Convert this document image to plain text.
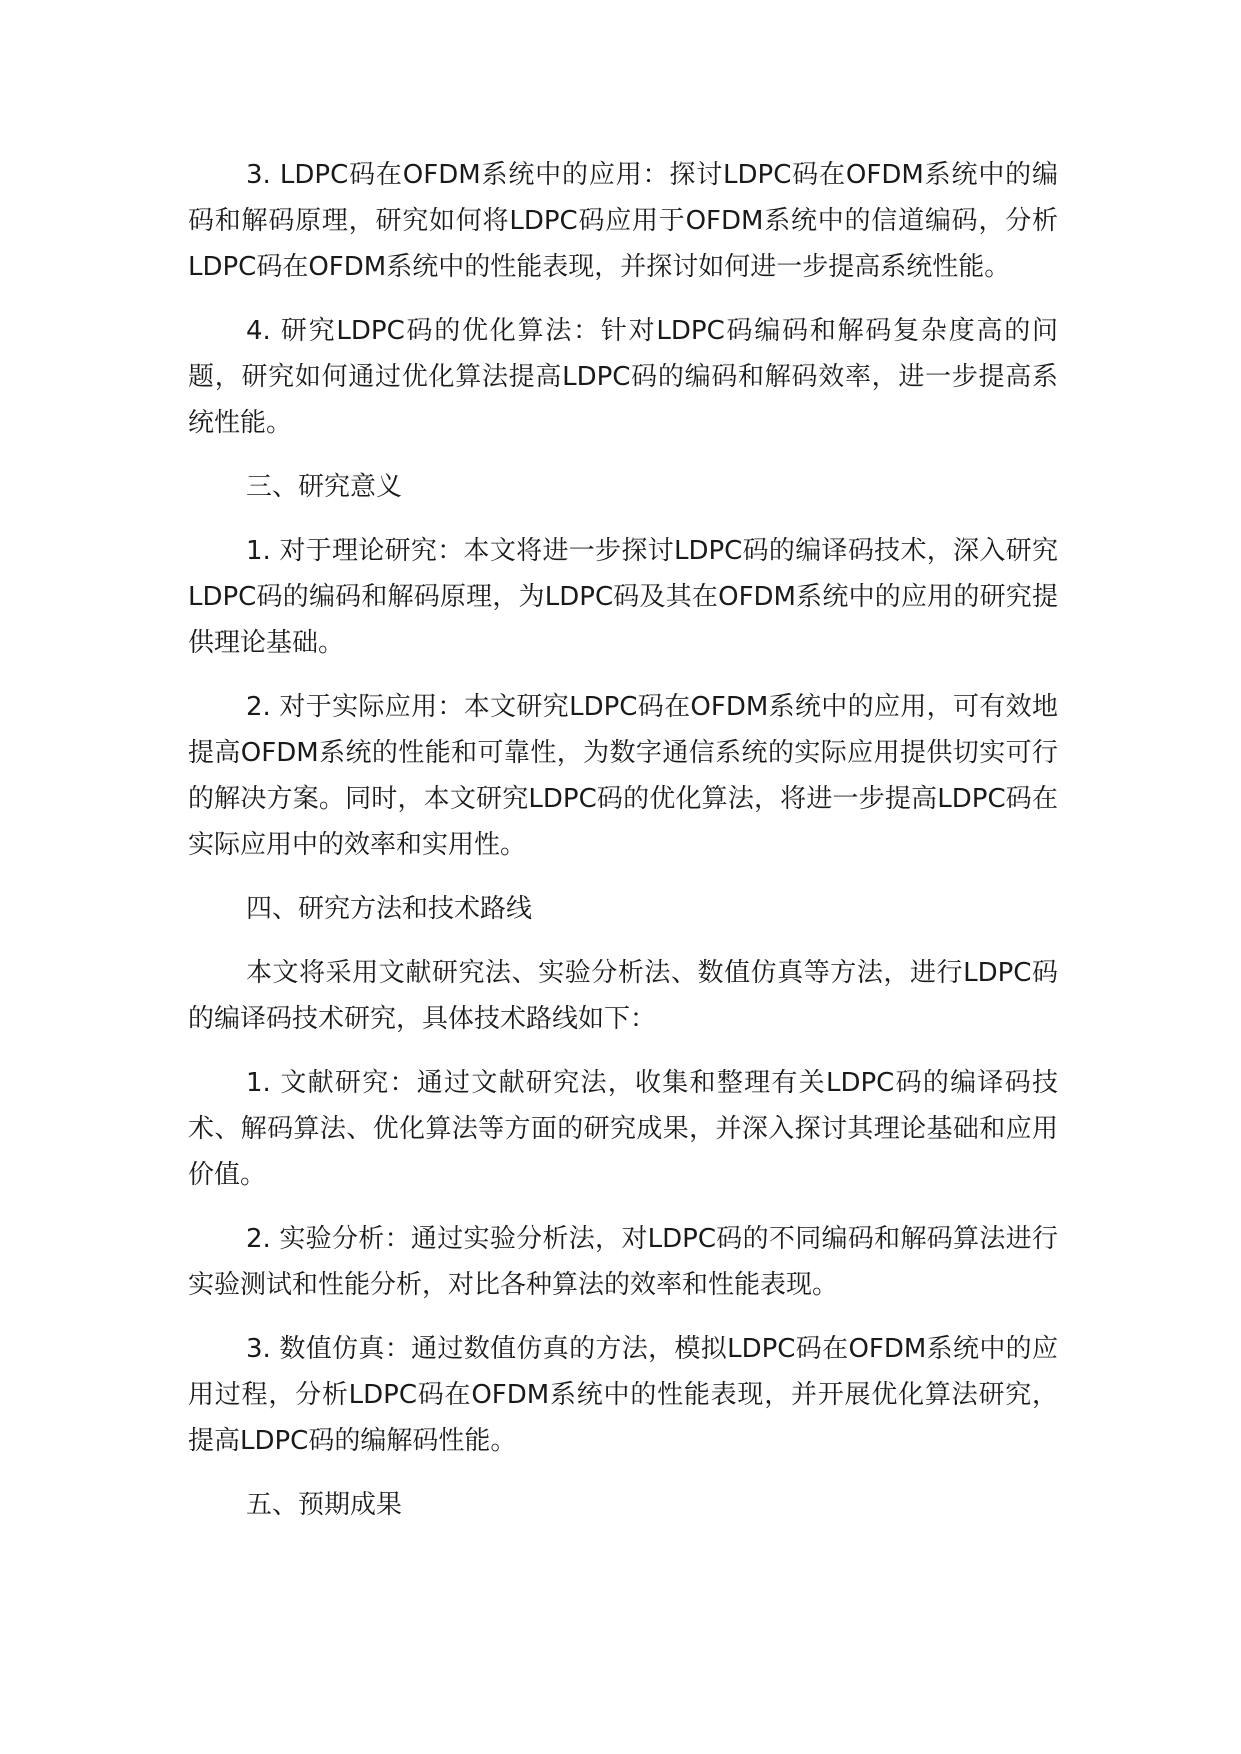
3. LDPC码在OFDM系统中的应用：探讨LDPC码在OFDM系统中的编码和解码原理，研究如何将LDPC码应用于OFDM系统中的信道编码，分析LDPC码在OFDM系统中的性能表现，并探讨如何进一步提高系统性能。

4. 研究LDPC码的优化算法：针对LDPC码编码和解码复杂度高的问题，研究如何通过优化算法提高LDPC码的编码和解码效率，进一步提高系统性能。

三、研究意义

1. 对于理论研究：本文将进一步探讨LDPC码的编译码技术，深入研究LDPC码的编码和解码原理，为LDPC码及其在OFDM系统中的应用的研究提供理论基础。

2. 对于实际应用：本文研究LDPC码在OFDM系统中的应用，可有效地提高OFDM系统的性能和可靠性，为数字通信系统的实际应用提供切实可行的解决方案。同时，本文研究LDPC码的优化算法，将进一步提高LDPC码在实际应用中的效率和实用性。

四、研究方法和技术路线

本文将采用文献研究法、实验分析法、数值仿真等方法，进行LDPC码的编译码技术研究，具体技术路线如下：

1. 文献研究：通过文献研究法，收集和整理有关LDPC码的编译码技术、解码算法、优化算法等方面的研究成果，并深入探讨其理论基础和应用价值。

2. 实验分析：通过实验分析法，对LDPC码的不同编码和解码算法进行实验测试和性能分析，对比各种算法的效率和性能表现。

3. 数值仿真：通过数值仿真的方法，模拟LDPC码在OFDM系统中的应用过程，分析LDPC码在OFDM系统中的性能表现，并开展优化算法研究，提高LDPC码的编解码性能。

五、预期成果
